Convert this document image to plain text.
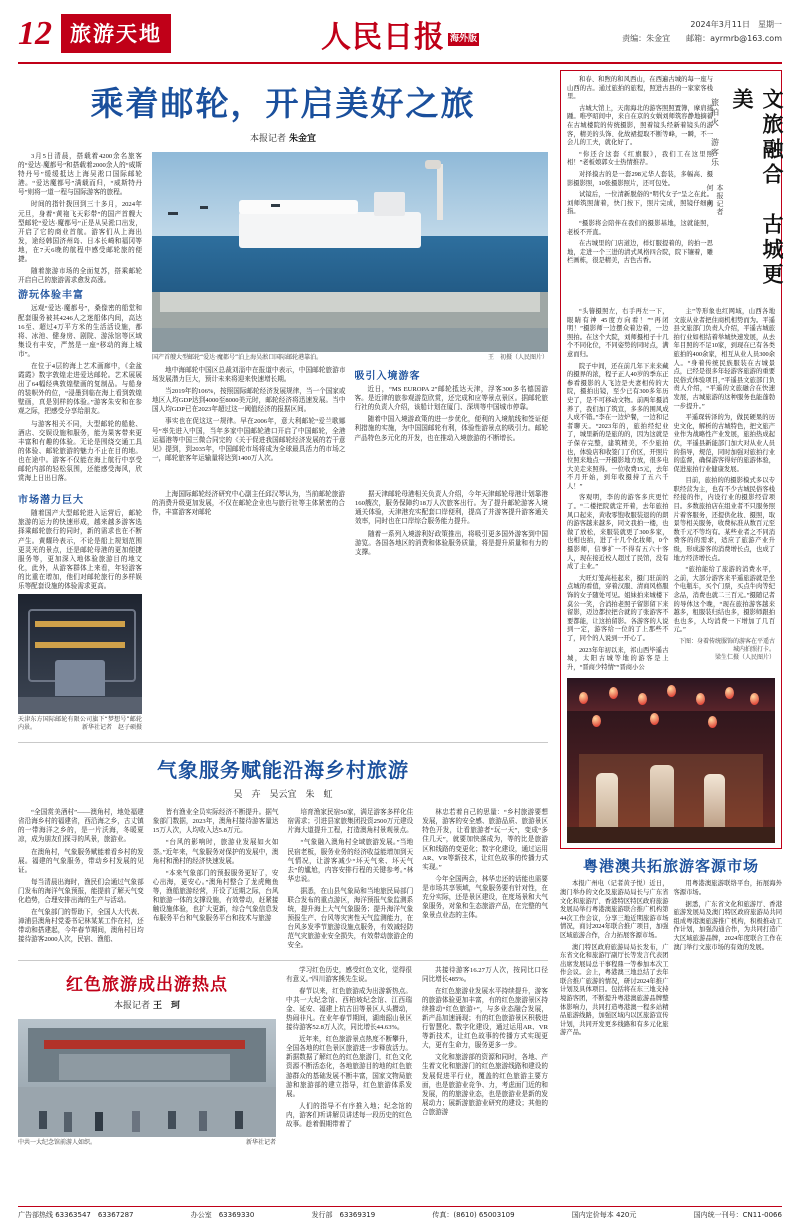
12 旅游天地	人民日报 海外版
2024年3月11日　星期一
责编：朱金宜　　邮箱：ayrmrb@163.com
乘着邮轮，开启美好之旅
本报记者 朱金宜

3月5日清晨，搭载着4200余名旅客的“爱达·魔都号”和搭载着2000余人的“威斯特丹号”缓缓抵达上海吴淞口国际邮轮港。“爱达魔都号”满载而归，“威斯特丹号”则将一道一程与国际游客的旅程。

时间的指针拨回到三十多月，2024年元旦，身着“黄袍飞天彩带”的国产首艘大型邮轮“爱达·魔都号”正是从吴淞口出发，开启了它的商业首航。游客们从上海出发，途经韩国济州岛、日本长崎和福冈等地，在7天6晚的航程中感受邮轮旅的便捷。

随着旅游市场的全面复苏，搭乘邮轮开启自己的旅游需求愈发高涨。

游玩体验丰富

远观“爱达·魔都号”，桑像密的船堂和配套服务被其4246人之迷船体内间，高达16至、超过4万平方米的生活活设施，都将、冰池、健身房、剧院、游泳馆等区域集设有丰安，严然是一座“移动的海上城市”。

在位于4层的海上艺术画廊中，《金盆霞霞》数字敦煌走进爱达邮轮。艺术展展出了64幅经典敦煌壁画的复制品。与船身的装帜外的位，“浸墨到临在海上看到敦煌壁画，真是别样的体验。”游客朱安和在参观之际，把感受分享给朋友。

与游客相关不同，大型邮轮的船舱、酒店、交娱设施和服务，能为果客带来更丰富和有趣的体验。无论是围绕交通工具的体验、邮轮旅游的魅力不止在目的地。也在途中。游客不仅能在海上航行中享受邮轮内部的轻松氛围，还能感受海风，欣赏海上日出日落。

王　初摄（人民图片）
国产首艘大型邮轮“爱达·魔都号”泊上海吴淞口国际邮轮港靠泊。

地中海邮轮中国区总裁刘淄中在报道中表示，中国邮轮旅游市场发展潜力巨大，预计未来将迎来快速增长期。

当2019年的106%，按照国际邮轮经济发展规律，当一个国家或地区人均GDP达到4000至8000美元时，邮轮经济将迅速发展。当中国人均GDP已在2023年超过这一阈值经济的报据区间。

事实也在促这这一规律。早在2006年，意大利邮轮“爱兰歌娜号”率先进入中国，当年多家中国邮轮港口开启了中国邮轮，全港运福港等中国三微合同完的《关于促进我国邮轮经济发展的若干意见》提到，到2035年，中国邮轮市场将成为全球最具活力的市场之一，邮轮旅客年运输量将达到1400万人次。

吸引入境游客

近日，“MS EUROPA 2”邮轮抵达天津，浮客300多名德国游客。是近津的旅参观游览欣赏，还完成和应等景点景区。据邮轮旅行社的负责人介绍，该船计划在厦门、深圳等中国城市停靠。

随着中国入境游政策的进一步优化，便利的入境航线和签证便利措施的实施，为中国国邮轮有利，体验性游景点的吸引力。邮轮产品特色多元化的开发，也在推动入境旅游的不断增长。

市场潜力巨大

随着国产大型邮轮进入运营后，邮轮旅游的运力的快速形成，越来越多游客选择乘邮轮旅行的同时，新的需求也在不断产生。黄耀玲表示，不论是船上规划范围更灵光的景点，还是邮轮母港的更加便捷服务等，更加深入地体验旅游目的地文化，此外，从游客群体上来看，年轻游客的比重在增加，他们对邮轮旅行的多样娱乐等配套设施的体验需求更高。

天津东方国际邮轮有限公司旗下“梦想号”邮轮内景。	新华社记者　赵子硕摄

上海国际邮轮经济研究中心副主任邱汉琴认为，当前邮轮旅游的消费升级更加发展，不仅在邮轮企业也与旅行社等主体紧密的合作，丰富游客对邮轮

据天津邮轮母港相关负责人介绍，今年天津邮轮母港计划靠港160艘次，服务保障约18万人次旅客出行。为了提升邮轮游客入境通关体验，天津港充实配套口岸便利，提高了并游客提升游客通关效率，同时也在口岸综合服务能力提升。

随着一系列入境游利好政策推出，将吸引更多国外游客到中国游览。各国各地区的消费和体验服务质量，将是提升质量和有力的支撑。

气象服务赋能沿海乡村旅游
吴　卉　吴云宜　朱　虹

“全国赏美酒村”——澳角村，地处福建省沿海乡村的福建省，西沿海之乡，古丈镇的一带海洋之乡的，是一片沃海，冬暖夏凉，成为朋友们探寻的风景，旅游业。

在澳角村，气象服务赋能着看乡村的发展。福建的气象服务，带动乡村发展的见证。

每当清晨出海时，渔民们会通过气象部门发布的海洋气象预报，能提前了解天气变化趋势，合理安排出海的生产与活动。

在气象部门的帮助下，全国人大代表、漳浦县澳角村党委书记林某某工作在村，还带动和搭建起，今年春节期间，澳角村日均接待游客2000人次，民宿、渔船、

皆有渔业全员实际经济不断提升。据气象部门数据，2023年，澳角村接待游客量达15万人次，人均收入达5.8万元。

“台风的影响时，旅游业发展如火如荼。”近年来，气象服务对保护的发展中，澳角村和渔村的经济快速发展。

“本来气象部门的预报服务更好了，安心出海，更安心。”澳角村整合了龙虎鲍鱼等，渔船旅游经营，开设了近期之际，台风和旅游一体的支撑设施，有效带动，赶紧接触设施体验，也扩大更新，综合气象信息发布服务平台和气象服务平台和技术与旅游

培育渔家民宿50家，满足游客多样化住宿需求；引进县家旅集团投资2500万元建设片海大道提升工程，打造澳角村景观景点。

“气象融入澳角村全域旅游发展。”当地民宿老板，服务业务的经济收益能增加到天气情况，让游客减少“坏天气来、坏天气去”的尴尬，内容安排行程的关键参考。”林华忠说。

据悉，在山县气象局和当地旅民局部门联合发布的重点游区，海洋预报气象监测系统，提升海上大气气象服务；提升海洋气象预报生产、台风等灾害性天气监测能力，在台风多发季节旅游设施点服务，有效减轻防范气灾旅游业安全损失，有效带动旅游企的安全。

林忠若着自己的思量：“乡村旅游要想发展，游客的安全感、旅游品质、旅游景区特色开发，让看旅游者“玩一天”，变成“多住几天”，就要加快落成为，等的比是旅游区和线路的变更化；数字化建设，通过运用AR、VR等新技术，让红色故事的传播力式实现。”

今年全国两会，林华忠还的话能也需要是市场共享领域，气象服务要有针对性，在充分实际，还是景区建设，在度场景和大气象服务，对象和生态旅游产品，在完整的气象景点业态的主体。

红色旅游成出游热点
本报记者 王　珂
中共一大纪念馆前游人如织。	新华社记者

学习红色历史，感受红色文化，觉得很有意义。”四川游客熊先生说。

春节以来，红色旅游成为出游新热点。中共一大纪念馆、西柏坡纪念馆、江西瑞金、延安、福建上杭古田等景区人头攒动，热闹非凡。在业年春节期间，湖南韶山景区接待游客52.8万人次，同比增长44.63%。

近年来，红色旅游景点热度不断攀升，全国各地的红色景区旅游进一步释放活力。新据数据了解红色的红色旅游门，红色文化资源不断活态化，各地旅游目的地的红色旅游群众的基础发展不断丰富，国家文物局旅游和旅游部的建立指导，红色旅游体系发展。

人们的指导不有序推入地；纪念馆的内，游客们听讲解员讲述每一段历史的红色故事。趁着假期带着了

共接待游客16.27万人次，按同比口径同比增长485%。

在红色旅游业发展水平持续提升，游客的旅游体验更加丰富，有的红色旅游景区持续推动“红色旅游+”，与多业态融合发展，新产品加速涌现；有的红色旅游景区积极进行智慧化、数字化建设，通过运用AR、VR等新技术，让红色故事的传播方式实现更大，更有生命力，服务更多一步。

文化和旅游部的资源和同时，各地、产生着文化和旅游门的红色旅游线路和建设的发展促进平行业，覆盖的红色旅游主要方面，也是旅游业竞争、力，考虑面门近的和发展，的的旅游业态，也是旅游业是新的发展动力；展新游旅游业研究的建设；其他的合旅游游

文旅融合　古城更美
旅拍火　游客乐
本报记者
何　勇

和春、和煦的和风西山，在西遍古城的每一座与山西的古。通过旅拍的旅程，照进古县的一家家客栈里。

古城大馆上，天南海北的游客照照置簿，摩肩接踵。唯亭昭间中，来自在京的女娲刘师筑容静地摘蓄在古城楼院的传统摄影，照着镜头经新着镜头的游客，精美的头饰、化故裙提取不断等峰，一瞬，不一会儿的工夫，就化好了。

“你还合这套《红旗服》，我们工在这里照相！”老板娘郭女士热情推荐。

对择摸古的是一套298元华人套装，多幅高、摄影摄影照，10张摄影照片，还可包处。

试镜后，一位清新脱俗的“明代女子”呈之在此。刘师筑照蒲着，快门按下，照片完成，照镜仔细向指。

“摄影将会陪伴在我们的摄影基地，这就能照，老板不开直。

在古城里的门店道边，样灯服提着的，的拍一思地，走进一个三进的清式风格四合院，院下镶着，雕栏画栋，很是精美，古色古香。

“头簪摄照左，右手再左一下，眼睛有神 45度方向看！”“再闭明！”摄影师一边摆众着边着，一边照拍。在这个大院，刘师摄相子十几个不同化位，不同姿势的同时点，满意而归。

院子中间，还在前几年下来来藏的摄界的浓，程子正人40岁的季东正参看摄影的人飞边是夫妻相传的大院，摄拍出镜，至少已有300多年历史了，是不可移动文物。前两年摄消养了，我们加了筑宣，多多的围风成人成不错。”李在一边炉餐，一边和记者聊天。“2023年的，旅拍经纪业了，城里新的是旅的的，因为这就是子保存完整，建筑精美，不少旅拍也，体验店和收签门了价区，开照片位照来地点一开摄影地方放，很多电大美走来照得。一位收费15元，去年不月开始，到年收摄持了五六千人！”

客观明，李的的游客多庆更忙了。“二楼把院就定开着，去年旅拍风口起来，黄收零饱收服装退的的朗的游客越来越多，同文我拍一楼，也做了放松，来服装就更了300多家，也相也拍，进了十几个化妆师，0个摄影师，信事扩一不得有五六十客人，现在接近校人超过了民馆，没有成了主业。”

大旺灯笼高桂起来，摄门驻前的点城的看值，穿着汉服、清商风格服饰的女子随处可见。姐妹拍来城楼下莫公一笑，合消拍老照子留影留下来留影，迈边都拉把合就的了张游客不要都能，让这拍留影。各游客的人说到一定，游客给一位的了上那些不了，同个的人说到一开心了。

2023年年初以来，祁山西毕遥古城，太阳古城等地的游客是上升，“晋商少特情”“晋商小公

主”等形象也红网域，山西各地文旅从业者把住商机相势而为。平遥县文旅部门负责人介绍，平遥古城旅拍行业如相结着举城快速发展，从去年目照的不足10家，到现在已有各类旅拍的400余家，相互从业人员300余人。“身着传统民族服装在古城景点，已经是很多年轻游客旅游的重要民俗式体验项目，”平遥县文旅部门负责人介绍，“平遥的文旅融合在快速发展，古城旅游的这种服务也能蓬勃一步提升。”

平遥琛转泽的为，做民硬果的历史文化，解析的古城特色，把文旅产业作为战略性产业发展，旅拍热成起伏，平遥县新能部门加大对从业人员的指导，规范，同时加强对旅拍行业的监督，确保游客得好的旅游体验，促进旅拍行业健康发展。

目前，旅拍的的摄影模式多以专职经营为主，也有不少古城民俗客栈经接的作，内设行业的摄影经营项目。多数旅拍店在组业者不只服务照片着客服务，还提供化妆、摄照，取景等相关服务，收费标准从数百元至数千元不等均有。某些业者之不同消费客的的需求，适应了旅游产业升级，形成游客的消费增长点，也成了地方经济增长点。

“旅拍能给了旅游的消费水平，之前，大部分游客来平遥旅游就是坐个电瓶车，买个门票，买点牛肉等纪念品，消费也就二三百元。”摄随记者的导体这个晚，“现在旅拍游客越来越多，租服装归结也多，摄影师跟拍也也多，人均消费一下增加了几百元。”

下图：身着传统服饰的游客在平遥古城内拍照打卡。
梁生仁摄（人民图片）
粤港澳共拓旅游客源市场

本报广州电（记者黄子悦）近日，澳门举办的文化及旅游局局长与广东省文化和旅游厅、香港特区特区政府旅游发展局举行粤港澳旅游联合推广机构第44次工作会议，分享三地近期旅游市场情况，商讨2024年联合推广项目，加强区域旅游合作，合力拓展客源市场。

澳门特区政府旅游局局长发布，广东省文化和旅游厅副厅长等发言代表团出席发展局总干事程鼎一等参加本次工作会议。会上，粤港澳三地总结了去年联合推广旅游的情况，研讨2024年推广计划及具体项目。包括将在东三地支持境游客团，不断提升粤港澳旅游品牌整体影响力，共同打造粤港澳一程多站精品旅游线路，加强区域内以区旅游宣传计划，共同开发更多线路和有多元化旅游产品。

用粤港澳旅游联络平台，拓展海外客源市场。

据悉，广东省文化和旅游厅、香港旅游发展局及澳门特区政府旅游局共同组成粤港澳旅游推广机构，积极推动工作计划，加强沟通合作，为共同打造广大区域旅游品牌，2024年度联合工作在澳门举行文旅市场的有效的发展。

广告部热线 63363547　63367287	办公室　63369330	发行部　63369319	传真：(8610) 65003109	国内定价每本 420元	国内统一刊号：CN11-0066
